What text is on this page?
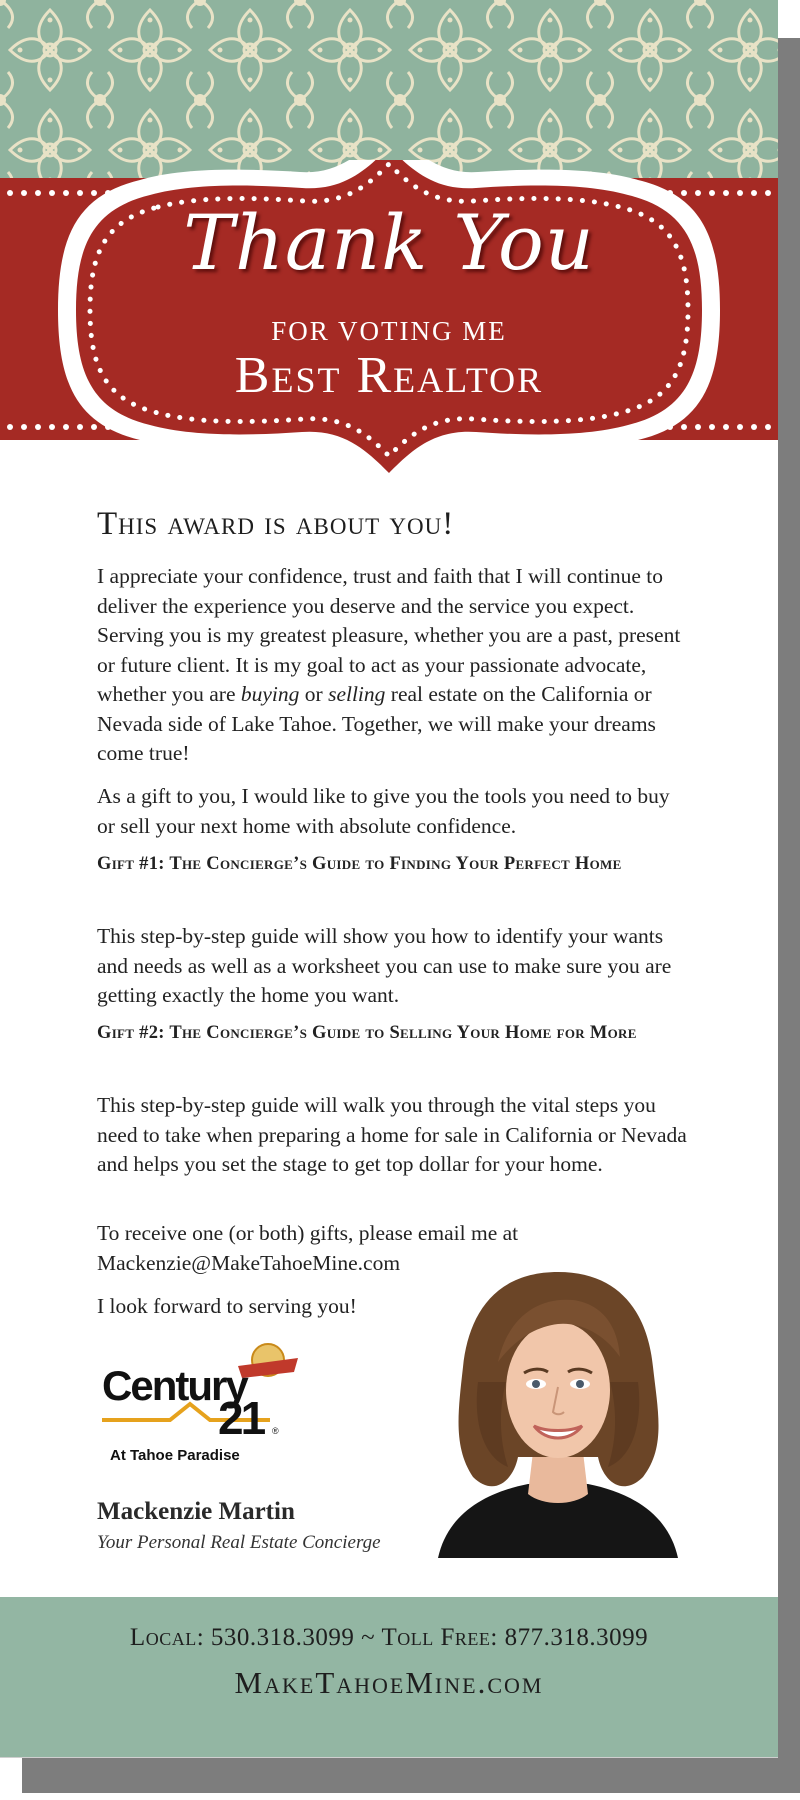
Thank You
FOR VOTING ME
Best Realtor
This award is about you!

I appreciate your confidence, trust and faith that I will continue to deliver the experience you deserve and the service you expect. Serving you is my greatest pleasure, whether you are a past, present or future client. It is my goal to act as your passionate advocate, whether you are buying or selling real estate on the California or Nevada side of Lake Tahoe. Together, we will make your dreams come true!

As a gift to you, I would like to give you the tools you need to buy or sell your next home with absolute confidence.

Gift #1: The Concierge’s Guide to Finding Your Perfect Home

This step-by-step guide will show you how to identify your wants and needs as well as a worksheet you can use to make sure you are getting exactly the home you want.

Gift #2: The Concierge’s Guide to Selling Your Home for More

This step-by-step guide will walk you through the vital steps you need to take when preparing a home for sale in California or Nevada and helps you set the stage to get top dollar for your home.

To receive one (or both) gifts, please email me at
Mackenzie@MakeTahoeMine.com

I look forward to serving you!

Century
21 ®
At Tahoe Paradise
Mackenzie Martin
Your Personal Real Estate Concierge
Local: 530.318.3099 ~ Toll Free: 877.318.3099
MakeTahoeMine.com
